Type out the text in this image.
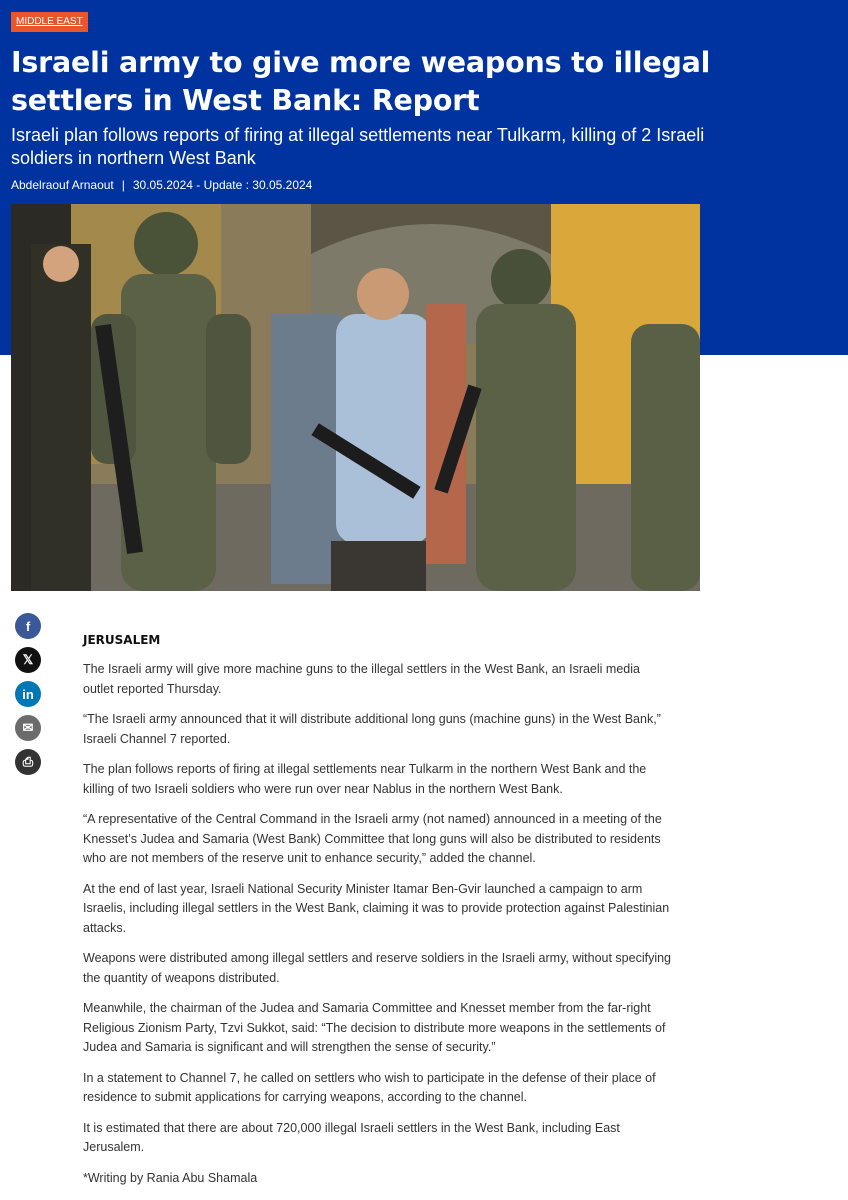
MIDDLE EAST
Israeli army to give more weapons to illegal settlers in West Bank: Report

Israeli plan follows reports of firing at illegal settlements near Tulkarm, killing of 2 Israeli soldiers in northern West Bank

Abdelraouf Arnaout | 30.05.2024 - Update : 30.05.2024
f
𝕏
in
✉
⎙
JERUSALEM

The Israeli army will give more machine guns to the illegal settlers in the West Bank, an Israeli media outlet reported Thursday.

“The Israeli army announced that it will distribute additional long guns (machine guns) in the West Bank,” Israeli Channel 7 reported.

The plan follows reports of firing at illegal settlements near Tulkarm in the northern West Bank and the killing of two Israeli soldiers who were run over near Nablus in the northern West Bank.

“A representative of the Central Command in the Israeli army (not named) announced in a meeting of the Knesset’s Judea and Samaria (West Bank) Committee that long guns will also be distributed to residents who are not members of the reserve unit to enhance security,” added the channel.

At the end of last year, Israeli National Security Minister Itamar Ben-Gvir launched a campaign to arm Israelis, including illegal settlers in the West Bank, claiming it was to provide protection against Palestinian attacks.

Weapons were distributed among illegal settlers and reserve soldiers in the Israeli army, without specifying the quantity of weapons distributed.

Meanwhile, the chairman of the Judea and Samaria Committee and Knesset member from the far-right Religious Zionism Party, Tzvi Sukkot, said: “The decision to distribute more weapons in the settlements of Judea and Samaria is significant and will strengthen the sense of security.”

In a statement to Channel 7, he called on settlers who wish to participate in the defense of their place of residence to submit applications for carrying weapons, according to the channel.

It is estimated that there are about 720,000 illegal Israeli settlers in the West Bank, including East Jerusalem.

*Writing by Rania Abu Shamala
